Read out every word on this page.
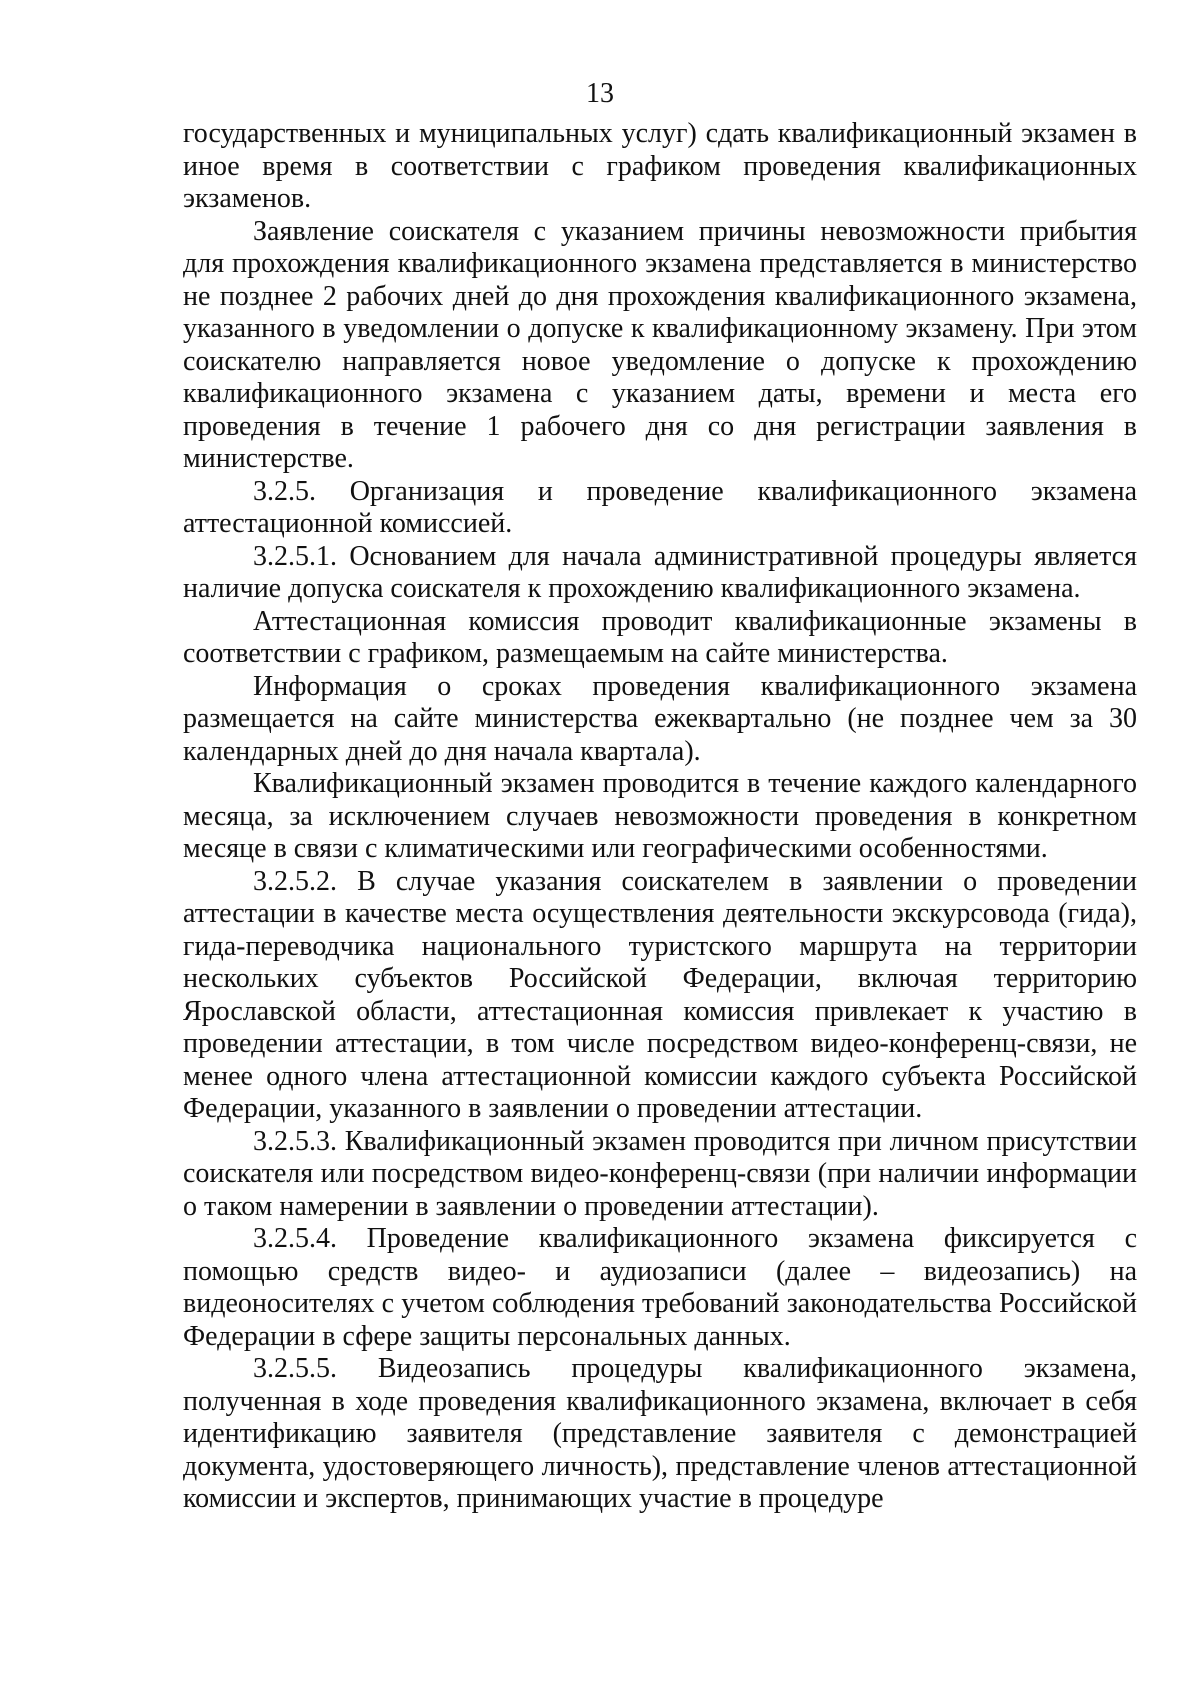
13

государственных и муниципальных услуг) сдать квалификационный экзамен в иное время в соответствии с графиком проведения квалификационных экзаменов.

Заявление соискателя с указанием причины невозможности прибытия для прохождения квалификационного экзамена представляется в министерство не позднее 2 рабочих дней до дня прохождения квалификационного экзамена, указанного в уведомлении о допуске к квалификационному экзамену. При этом соискателю направляется новое уведомление о допуске к прохождению квалификационного экзамена с указанием даты, времени и места его проведения в течение 1 рабочего дня со дня регистрации заявления в министерстве.

3.2.5. Организация и проведение квалификационного экзамена аттестационной комиссией.

3.2.5.1. Основанием для начала административной процедуры является наличие допуска соискателя к прохождению квалификационного экзамена.

Аттестационная комиссия проводит квалификационные экзамены в соответствии с графиком, размещаемым на сайте министерства.

Информация о сроках проведения квалификационного экзамена размещается на сайте министерства ежеквартально (не позднее чем за 30 календарных дней до дня начала квартала).

Квалификационный экзамен проводится в течение каждого календарного месяца, за исключением случаев невозможности проведения в конкретном месяце в связи с климатическими или географическими особенностями.

3.2.5.2. В случае указания соискателем в заявлении о проведении аттестации в качестве места осуществления деятельности экскурсовода (гида), гида-переводчика национального туристского маршрута на территории нескольких субъектов Российской Федерации, включая территорию Ярославской области, аттестационная комиссия привлекает к участию в проведении аттестации, в том числе посредством видео-конференц-связи, не менее одного члена аттестационной комиссии каждого субъекта Российской Федерации, указанного в заявлении о проведении аттестации.

3.2.5.3. Квалификационный экзамен проводится при личном присутствии соискателя или посредством видео-конференц-связи (при наличии информации о таком намерении в заявлении о проведении аттестации).

3.2.5.4. Проведение квалификационного экзамена фиксируется с помощью средств видео- и аудиозаписи (далее – видеозапись) на видеоносителях с учетом соблюдения требований законодательства Российской Федерации в сфере защиты персональных данных.

3.2.5.5. Видеозапись процедуры квалификационного экзамена, полученная в ходе проведения квалификационного экзамена, включает в себя идентификацию заявителя (представление заявителя с демонстрацией документа, удостоверяющего личность), представление членов аттестационной комиссии и экспертов, принимающих участие в процедуре
